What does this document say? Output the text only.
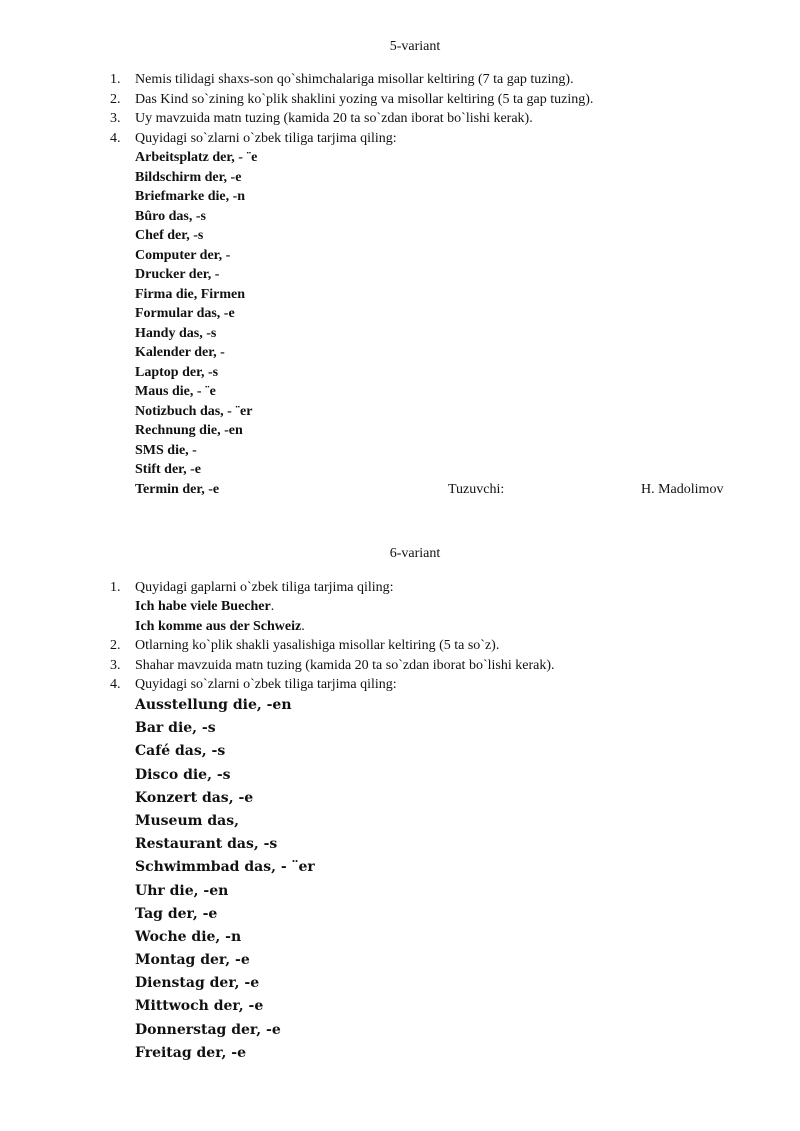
5-variant
1.	Nemis tilidagi shaxs-son qo`shimchalariga misollar keltiring (7 ta gap tuzing).
2.	Das Kind so`zining ko`plik shaklini yozing va misollar keltiring (5 ta gap tuzing).
3.	Uy mavzuida matn tuzing (kamida 20 ta so`zdan iborat bo`lishi kerak).
4.	Quyidagi so`zlarni o`zbek tiliga tarjima qiling:
Arbeitsplatz der, - ¨e
Bildschirm der, -e
Briefmarke die, -n
Bûro das, -s
Chef der, -s
Computer der, -
Drucker der, -
Firma die, Firmen
Formular das, -e
Handy das, -s
Kalender der, -
Laptop der, -s
Maus die, - ¨e
Notizbuch das, - ¨er
Rechnung die, -en
SMS die, -
Stift der, -e
Termin der, -e	Tuzuvchi:	H. Madolimov
6-variant
1.	Quyidagi gaplarni o`zbek tiliga tarjima qiling:
Ich habe viele Buecher.
Ich komme aus der Schweiz.
2.	Otlarning ko`plik shakli yasalishiga misollar keltiring (5 ta so`z).
3.	Shahar mavzuida matn tuzing (kamida 20 ta so`zdan iborat bo`lishi kerak).
4.	Quyidagi so`zlarni o`zbek tiliga tarjima qiling:
Ausstellung die, -en
Bar die, -s
Café das, -s
Disco die, -s
Konzert das, -e
Museum das,
Restaurant das, -s
Schwimmbad das, - ¨er
Uhr die, -en
Tag der, -e
Woche die, -n
Montag der, -e
Dienstag der, -e
Mittwoch der, -e
Donnerstag der, -e
Freitag der, -e
